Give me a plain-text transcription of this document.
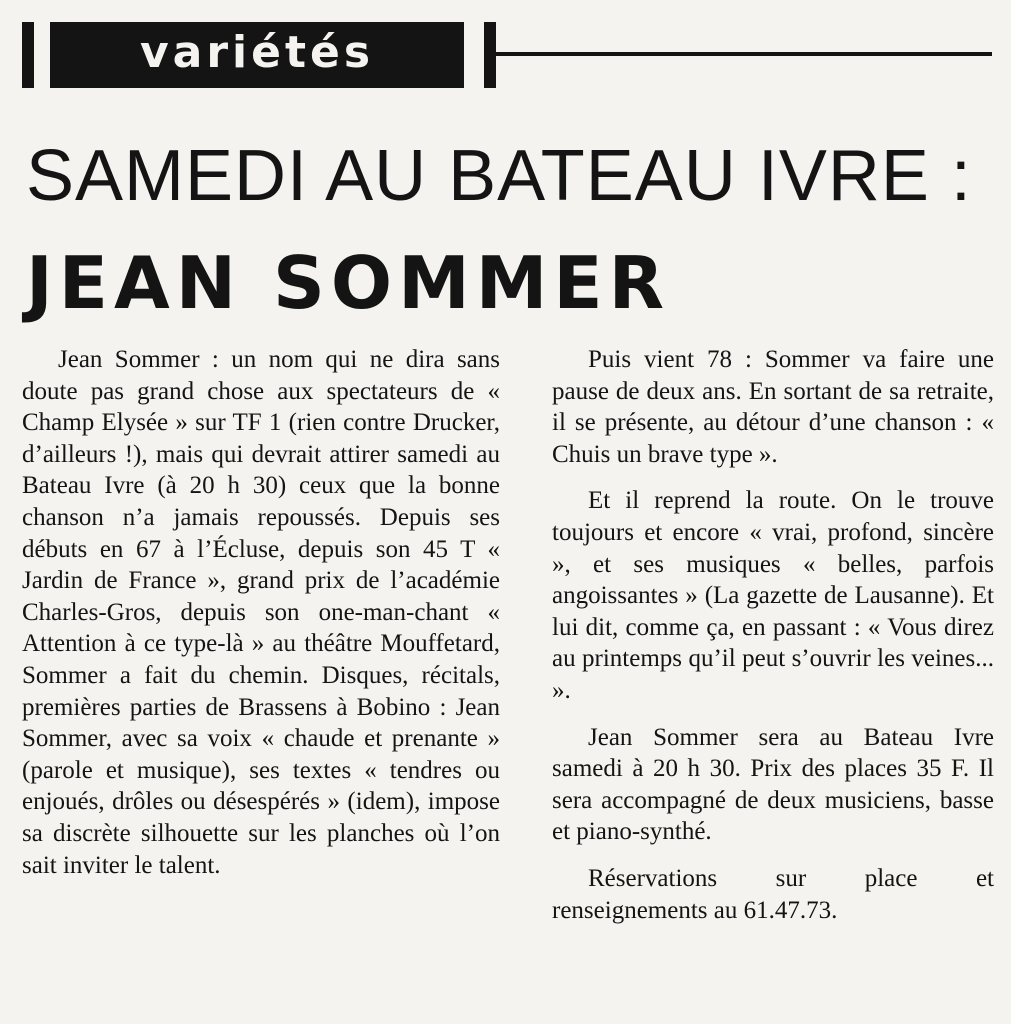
variétés
SAMEDI AU BATEAU IVRE :
JEAN SOMMER

Jean Sommer : un nom qui ne dira sans doute pas grand chose aux spectateurs de « Champ Elysée » sur TF 1 (rien contre Drucker, d’ailleurs !), mais qui devrait attirer samedi au Bateau Ivre (à 20 h 30) ceux que la bonne chanson n’a jamais repoussés. Depuis ses débuts en 67 à l’Écluse, depuis son 45 T « Jardin de France », grand prix de l’académie Charles-Gros, depuis son one-man-chant « Attention à ce type-là » au théâtre Mouffetard, Sommer a fait du chemin. Disques, récitals, premières parties de Brassens à Bobino : Jean Sommer, avec sa voix « chaude et prenante » (parole et musique), ses textes « tendres ou enjoués, drôles ou désespérés » (idem), impose sa discrète silhouette sur les planches où l’on sait inviter le talent.

Puis vient 78 : Sommer va faire une pause de deux ans. En sortant de sa retraite, il se présente, au détour d’une chanson : « Chuis un brave type ».

Et il reprend la route. On le trouve toujours et encore « vrai, profond, sincère », et ses musiques « belles, parfois angoissantes » (La gazette de Lausanne). Et lui dit, comme ça, en passant : « Vous direz au printemps qu’il peut s’ouvrir les veines... ».

Jean Sommer sera au Bateau Ivre samedi à 20 h 30. Prix des places 35 F. Il sera accompagné de deux musiciens, basse et piano-synthé.

Réservations sur place et renseignements au 61.47.73.
